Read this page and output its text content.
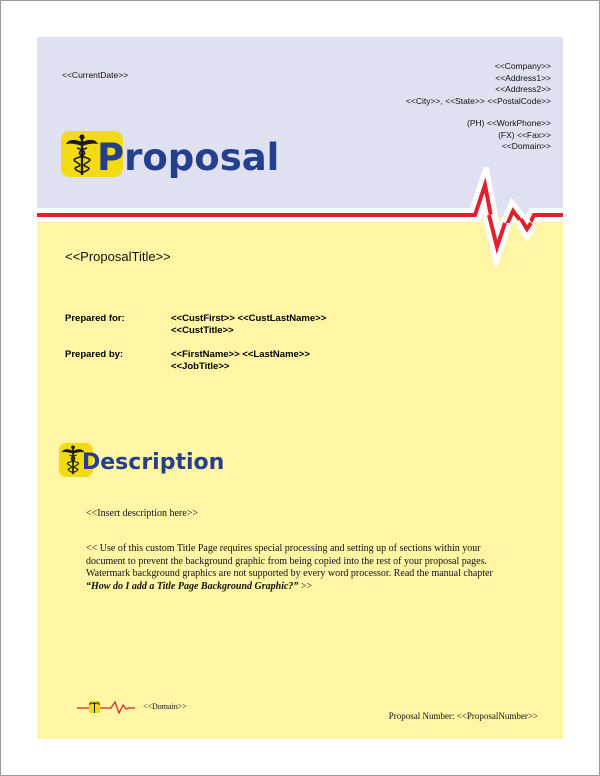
<<CurrentDate>>
<<Company>>
<<Address1>>
<<Address2>>
<<City>>, <<State>> <<PostalCode>>
(PH) <<WorkPhone>>
(FX) <<Fax>>
<<Domain>>
Proposal
<<ProposalTitle>>
Prepared for:	<<CustFirst>> <<CustLastName>>
<<CustTitle>>
Prepared by:	<<FirstName>> <<LastName>>
<<JobTitle>>
Description
<<Insert description here>>
<< Use of this custom Title Page requires special processing and setting up of sections within your document to prevent the background graphic from being copied into the rest of your proposal pages. Watermark background graphics are not supported by every word processor. Read the manual chapter “How do I add a Title Page Background Graphic?” >>
<<Domain>>
Proposal Number: <<ProposalNumber>>
